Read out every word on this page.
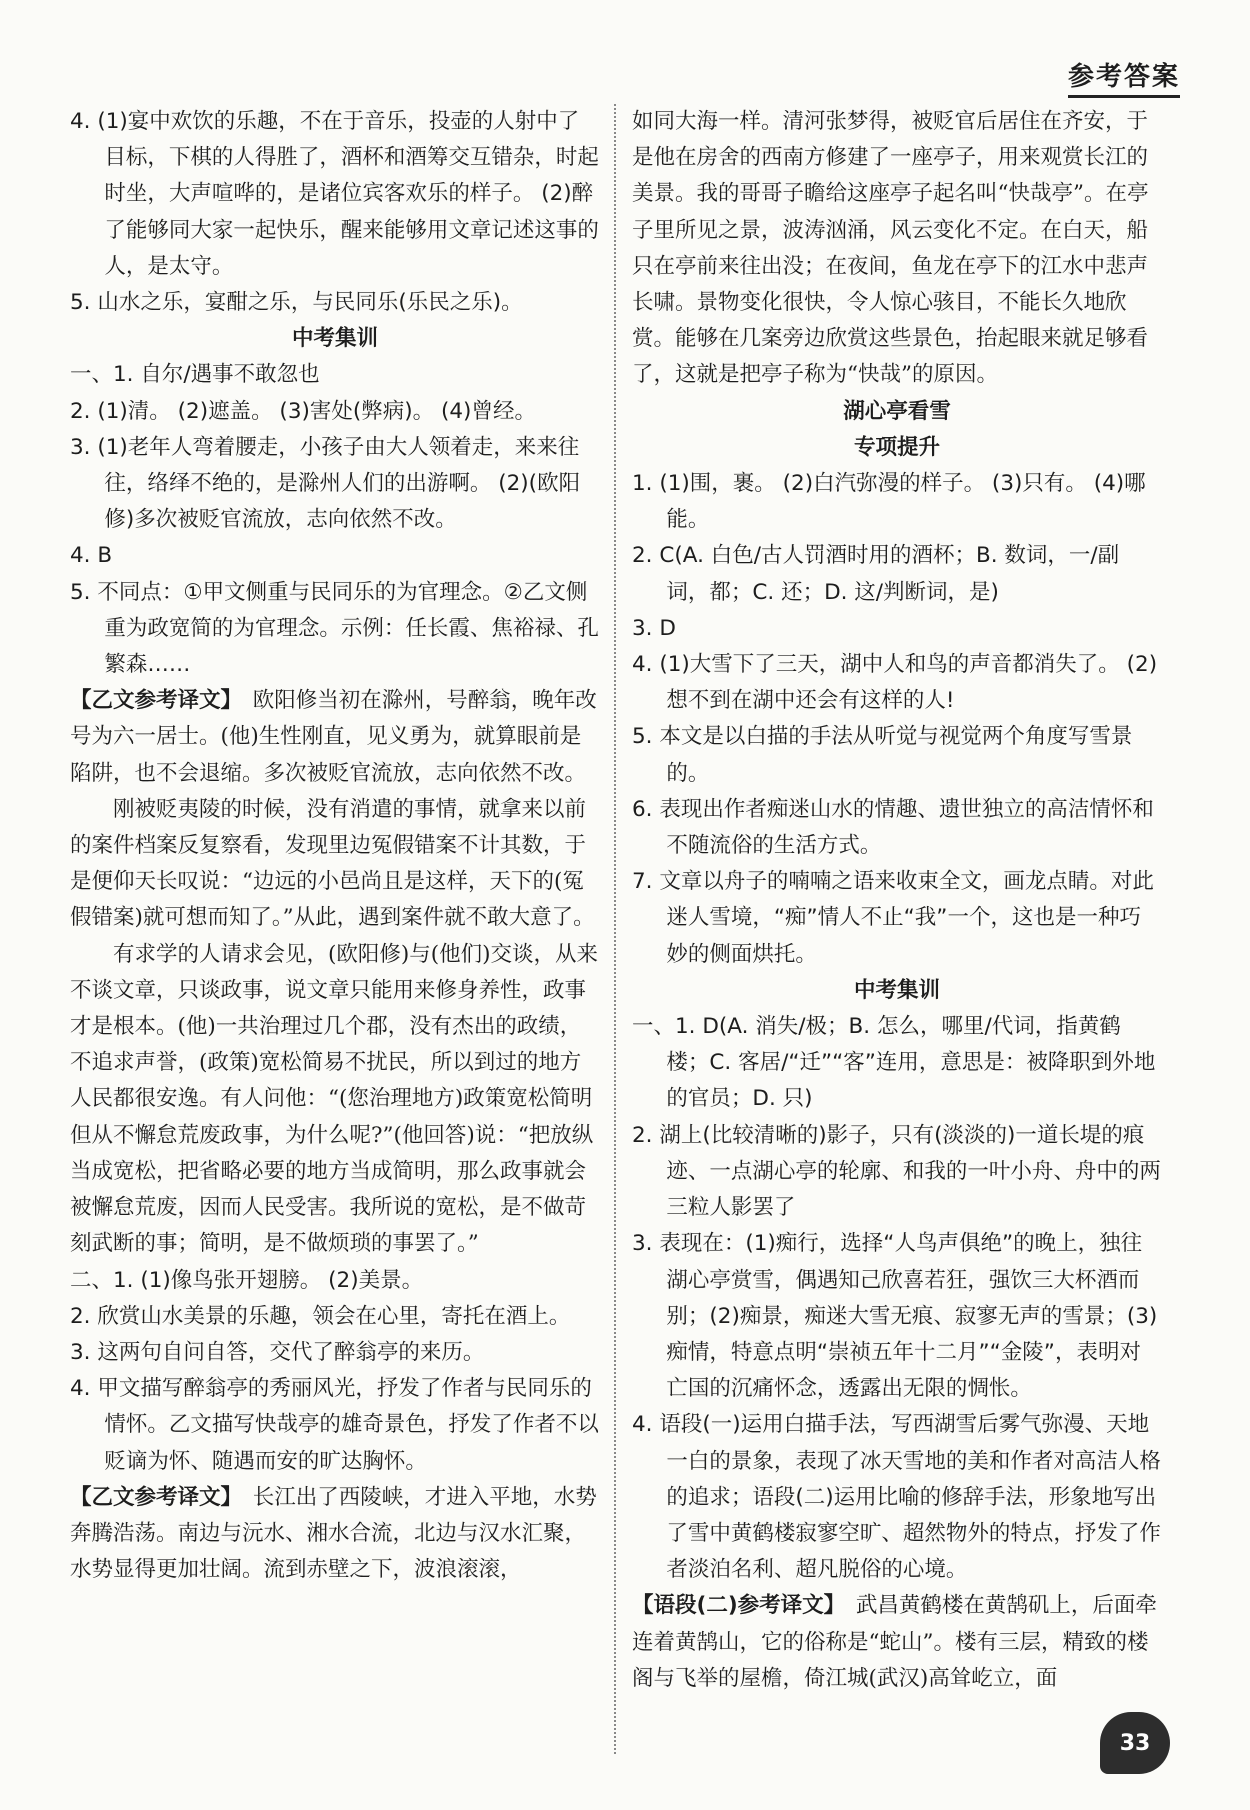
参考答案

4. (1)宴中欢饮的乐趣，不在于音乐，投壶的人射中了目标，下棋的人得胜了，酒杯和酒筹交互错杂，时起时坐，大声喧哗的，是诸位宾客欢乐的样子。 (2)醉了能够同大家一起快乐，醒来能够用文章记述这事的人，是太守。

5. 山水之乐，宴酣之乐，与民同乐(乐民之乐)。

中考集训

一、1. 自尔/遇事不敢忽也

2. (1)清。 (2)遮盖。 (3)害处(弊病)。 (4)曾经。

3. (1)老年人弯着腰走，小孩子由大人领着走，来来往往，络绎不绝的，是滁州人们的出游啊。 (2)(欧阳修)多次被贬官流放，志向依然不改。

4. B

5. 不同点：①甲文侧重与民同乐的为官理念。②乙文侧重为政宽简的为官理念。示例：任长霞、焦裕禄、孔繁森……

【乙文参考译文】  欧阳修当初在滁州，号醉翁，晚年改号为六一居士。(他)生性刚直，见义勇为，就算眼前是陷阱，也不会退缩。多次被贬官流放，志向依然不改。

刚被贬夷陵的时候，没有消遣的事情，就拿来以前的案件档案反复察看，发现里边冤假错案不计其数，于是便仰天长叹说：“边远的小邑尚且是这样，天下的(冤假错案)就可想而知了。”从此，遇到案件就不敢大意了。

有求学的人请求会见，(欧阳修)与(他们)交谈，从来不谈文章，只谈政事，说文章只能用来修身养性，政事才是根本。(他)一共治理过几个郡，没有杰出的政绩，不追求声誉，(政策)宽松简易不扰民，所以到过的地方人民都很安逸。有人问他：“(您治理地方)政策宽松简明但从不懈怠荒废政事，为什么呢?”(他回答)说：“把放纵当成宽松，把省略必要的地方当成简明，那么政事就会被懈怠荒废，因而人民受害。我所说的宽松，是不做苛刻武断的事；简明，是不做烦琐的事罢了。”

二、1. (1)像鸟张开翅膀。 (2)美景。

2. 欣赏山水美景的乐趣，领会在心里，寄托在酒上。

3. 这两句自问自答，交代了醉翁亭的来历。

4. 甲文描写醉翁亭的秀丽风光，抒发了作者与民同乐的情怀。乙文描写快哉亭的雄奇景色，抒发了作者不以贬谪为怀、随遇而安的旷达胸怀。

【乙文参考译文】  长江出了西陵峡，才进入平地，水势奔腾浩荡。南边与沅水、湘水合流，北边与汉水汇聚，水势显得更加壮阔。流到赤壁之下，波浪滚滚，

如同大海一样。清河张梦得，被贬官后居住在齐安，于是他在房舍的西南方修建了一座亭子，用来观赏长江的美景。我的哥哥子瞻给这座亭子起名叫“快哉亭”。在亭子里所见之景，波涛汹涌，风云变化不定。在白天，船只在亭前来往出没；在夜间，鱼龙在亭下的江水中悲声长啸。景物变化很快，令人惊心骇目，不能长久地欣赏。能够在几案旁边欣赏这些景色，抬起眼来就足够看了，这就是把亭子称为“快哉”的原因。

湖心亭看雪

专项提升

1. (1)围，裹。 (2)白汽弥漫的样子。 (3)只有。 (4)哪能。

2. C(A. 白色/古人罚酒时用的酒杯；B. 数词，一/副词，都；C. 还；D. 这/判断词，是)

3. D

4. (1)大雪下了三天，湖中人和鸟的声音都消失了。 (2)想不到在湖中还会有这样的人!

5. 本文是以白描的手法从听觉与视觉两个角度写雪景的。

6. 表现出作者痴迷山水的情趣、遗世独立的高洁情怀和不随流俗的生活方式。

7. 文章以舟子的喃喃之语来收束全文，画龙点睛。对此迷人雪境，“痴”情人不止“我”一个，这也是一种巧妙的侧面烘托。

中考集训

一、1. D(A. 消失/极；B. 怎么，哪里/代词，指黄鹤楼；C. 客居/“迁”“客”连用，意思是：被降职到外地的官员；D. 只)

2. 湖上(比较清晰的)影子，只有(淡淡的)一道长堤的痕迹、一点湖心亭的轮廓、和我的一叶小舟、舟中的两三粒人影罢了

3. 表现在：(1)痴行，选择“人鸟声俱绝”的晚上，独往湖心亭赏雪，偶遇知己欣喜若狂，强饮三大杯酒而别；(2)痴景，痴迷大雪无痕、寂寥无声的雪景；(3)痴情，特意点明“崇祯五年十二月”“金陵”，表明对亡国的沉痛怀念，透露出无限的惆怅。

4. 语段(一)运用白描手法，写西湖雪后雾气弥漫、天地一白的景象，表现了冰天雪地的美和作者对高洁人格的追求；语段(二)运用比喻的修辞手法，形象地写出了雪中黄鹤楼寂寥空旷、超然物外的特点，抒发了作者淡泊名利、超凡脱俗的心境。

【语段(二)参考译文】  武昌黄鹤楼在黄鹄矶上，后面牵连着黄鹄山，它的俗称是“蛇山”。楼有三层，精致的楼阁与飞举的屋檐，倚江城(武汉)高耸屹立，面

33
